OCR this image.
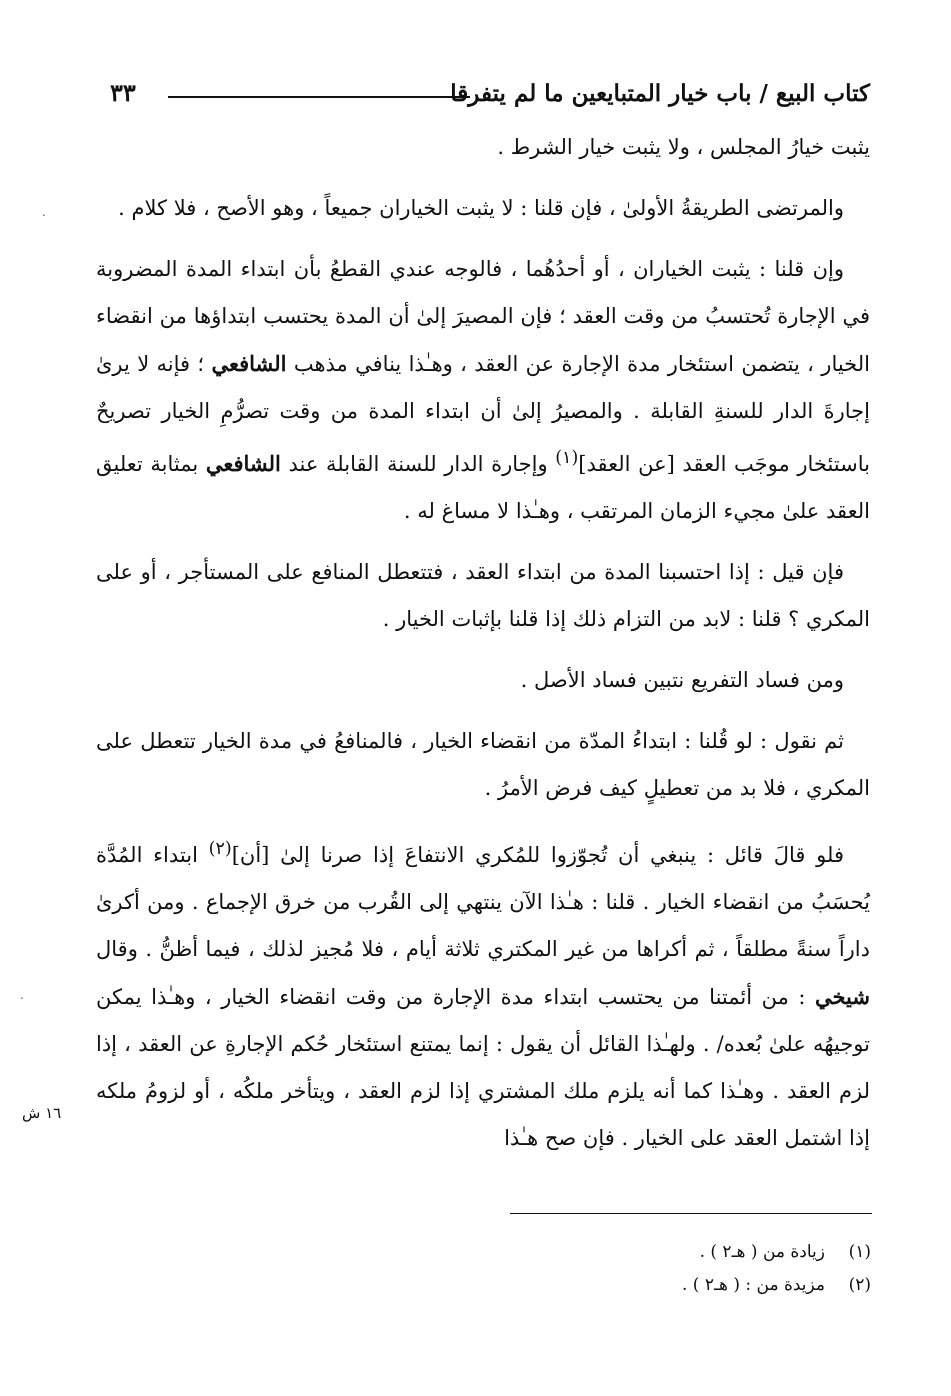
كتاب البيع / باب خيار المتبايعين ما لم يتفرقا
٣٣

يثبت خيارُ المجلس ، ولا يثبت خيار الشرط .

والمرتضى الطريقةُ الأولىٰ ، فإن قلنا : لا يثبت الخياران جميعاً ، وهو الأصح ، فلا كلام .

وإن قلنا : يثبت الخياران ، أو أحدُهُما ، فالوجه عندي القطعُ بأن ابتداء المدة المضروبة في الإجارة تُحتسبُ من وقت العقد ؛ فإن المصيرَ إلىٰ أن المدة يحتسب ابتداؤها من انقضاء الخيار ، يتضمن استئخار مدة الإجارة عن العقد ، وهـٰذا ينافي مذهب الشافعي ؛ فإنه لا يرىٰ إجارةَ الدار للسنةِ القابلة . والمصيرُ إلىٰ أن ابتداء المدة من وقت تصرُّمِ الخيار تصريحٌ باستئخار موجَب العقد [عن العقد]$^{(١)}$ وإجارة الدار للسنة القابلة عند الشافعي بمثابة تعليق العقد علىٰ مجيء الزمان المرتقب ، وهـٰذا لا مساغ له .

فإن قيل : إذا احتسبنا المدة من ابتداء العقد ، فتتعطل المنافع على المستأجر ، أو على المكري ؟ قلنا : لابد من التزام ذلك إذا قلنا بإثبات الخيار .

ومن فساد التفريع نتبين فساد الأصل .

ثم نقول : لو قُلنا : ابتداءُ المدّة من انقضاء الخيار ، فالمنافعُ في مدة الخيار تتعطل على المكري ، فلا بد من تعطيلٍ كيف فرض الأمرُ .

فلو قالَ قائل : ينبغي أن تُجوّزوا للمُكري الانتفاعَ إذا صرنا إلىٰ [أن]$^{(٢)}$ ابتداء المُدَّة يُحسَبُ من انقضاء الخيار . قلنا : هـٰذا الآن ينتهي إلى القُرب من خرق الإجماع . ومن أكرىٰ داراً سنةً مطلقاً ، ثم أكراها من غير المكتري ثلاثة أيام ، فلا مُجيز لذلك ، فيما أظنُّ . وقال شيخي : من أئمتنا من يحتسب ابتداء مدة الإجارة من وقت انقضاء الخيار ، وهـٰذا يمكن توجيهُه علىٰ بُعده/ . ولهـٰذا القائل أن يقول : إنما يمتنع استئخار حُكم الإجارةِ عن العقد ، إذا لزم العقد . وهـٰذا كما أنه يلزم ملك المشتري إذا لزم العقد ، ويتأخر ملكُه ، أو لزومُ ملكه إذا اشتمل العقد على الخيار . فإن صح هـٰذا

١٦ ش
.
.
(١)زيادة من ( هـ٢ ) .
(٢)مزيدة من : ( هـ٢ ) .
